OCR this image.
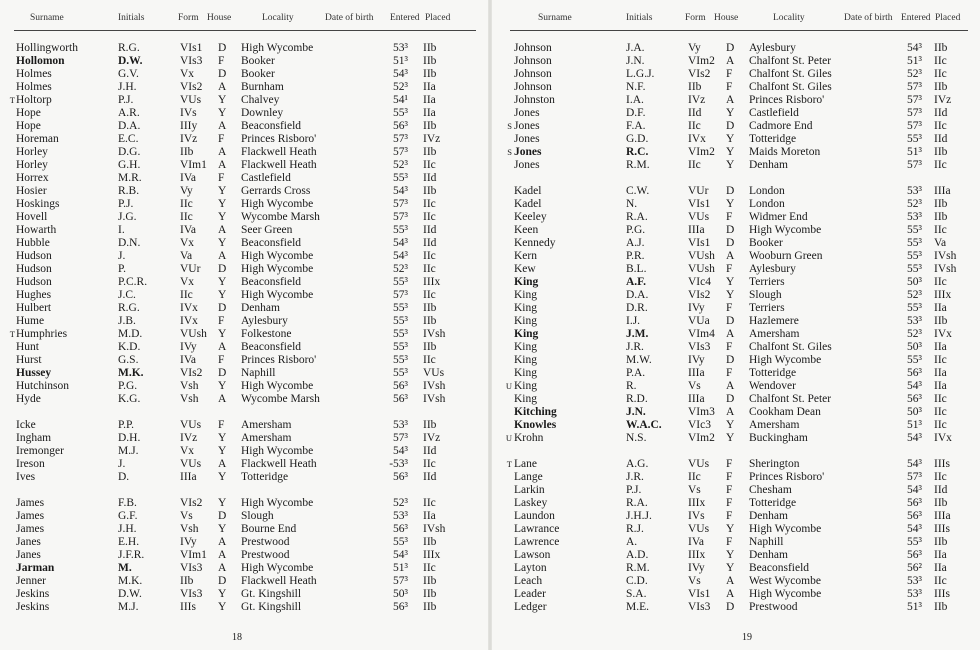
Surname	Initials	Form House	Locality	Date of birth Entered Placed
Hollingworth	R.G.	VIs1 D High Wycombe	53³ IIb
Hollomon	D.W.	VIs3 F Booker	51³ IIb
Holmes	G.V.	Vx D Booker	54³ IIb
Holmes	J.H.	VIs2 A Burnham	52³ IIa
T Holtorp	P.J.	VUs Y Chalvey	54¹ IIa
Hope	A.R.	IVs Y Downley	55³ IIa
Hope	D.A.	IIIy A Beaconsfield	56³ IIb
Horeman	E.C.	IVz F Princes Risboro'	57³ IVz
Horley	D.G.	IIb A Flackwell Heath	57³ IIb
Horley	G.H.	VIm1 A Flackwell Heath	52³ IIc
Horrex	M.R.	IVa F Castlefield	55³ IId
Hosier	R.B.	Vy Y Gerrards Cross	54³ IIb
Hoskings	P.J.	IIc Y High Wycombe	57³ IIc
Hovell	J.G.	IIc Y Wycombe Marsh	57³ IIc
Howarth	I.	IVa A Seer Green	55³ IId
Hubble	D.N.	Vx Y Beaconsfield	54³ IId
Hudson	J.	Va A High Wycombe	54³ IIc
Hudson	P.	VUr D High Wycombe	52³ IIc
Hudson	P.C.R.	Vx Y Beaconsfield	55³ IIIx
Hughes	J.C.	IIc Y High Wycombe	57³ IIc
Hulbert	R.G.	IVx D Denham	55³ IIb
Hume	J.B.	IVx F Aylesbury	55³ IIb
T Humphries	M.D.	VUsh Y Folkestone	55³ IVsh
Hunt	K.D.	IVy A Beaconsfield	55³ IIb
Hurst	G.S.	IVa F Princes Risboro'	55³ IIc
Hussey	M.K.	VIs2 D Naphill	55³ VUs
Hutchinson	P.G.	Vsh Y High Wycombe	56³ IVsh
Hyde	K.G.	Vsh A Wycombe Marsh	56³ IVsh
Icke	P.P.	VUs F Amersham	53³ IIb
Ingham	D.H.	IVz Y Amersham	57³ IVz
Iremonger	M.J.	Vx Y High Wycombe	54³ IId
Ireson	J.	VUs A Flackwell Heath	-53³ IIc
Ives	D.	IIIa Y Totteridge	56³ IId
James	F.B.	VIs2 Y High Wycombe	52³ IIc
James	G.F.	Vs D Slough	53³ IIa
James	J.H.	Vsh Y Bourne End	56³ IVsh
Janes	E.H.	IVy A Prestwood	55³ IIb
Janes	J.F.R.	VIm1 A Prestwood	54³ IIIx
Jarman	M.	VIs3 A High Wycombe	51³ IIc
Jenner	M.K.	IIb D Flackwell Heath	57³ IIb
Jeskins	D.W.	VIs3 Y Gt. Kingshill	50³ IIb
Jeskins	M.J.	IIIs Y Gt. Kingshill	56³ IIb
18
Surname	Initials	Form House	Locality	Date of birth Entered Placed
Johnson	J.A.	Vy D Aylesbury	54³ IIb
Johnson	J.N.	VIm2 A Chalfont St. Peter	51³ IIc
Johnson	L.G.J.	VIs2 F Chalfont St. Giles	52³ IIc
Johnson	N.F.	IIb F Chalfont St. Giles	57³ IIb
Johnston	I.A.	IVz A Princes Risboro'	57³ IVz
Jones	D.F.	IId Y Castlefield	57³ IId
S Jones	F.A.	IIc D Cadmore End	57³ IIc
Jones	G.D.	IVx Y Totteridge	55³ IId
S Jones	R.C.	VIm2 Y Maids Moreton	51³ IIb
Jones	R.M.	IIc Y Denham	57³ IIc
Kadel	C.W.	VUr D London	53³ IIIa
Kadel	N.	VIs1 Y London	52³ IIb
Keeley	R.A.	VUs F Widmer End	53³ IIb
Keen	P.G.	IIIa D High Wycombe	55³ IIc
Kennedy	A.J.	VIs1 D Booker	55³ Va
Kern	P.R.	VUsh A Wooburn Green	55³ IVsh
Kew	B.L.	VUsh F Aylesbury	55³ IVsh
King	A.F.	VIc4 Y Terriers	50³ IIc
King	D.A.	VIs2 Y Slough	52³ IIIx
King	D.R.	IVy F Terriers	55³ IIa
King	I.J.	VUa D Hazlemere	53³ IIb
King	J.M.	VIm4 A Amersham	52³ IVx
King	J.R.	VIs3 F Chalfont St. Giles	50³ IIa
King	M.W.	IVy D High Wycombe	55³ IIc
King	P.A.	IIIa F Totteridge	56³ IIa
U King	R.	Vs A Wendover	54³ IIa
King	R.D.	IIIa D Chalfont St. Peter	56³ IIc
Kitching	J.N.	VIm3 A Cookham Dean	50³ IIc
Knowles	W.A.C. VIc3 Y Amersham	51³ IIc
U Krohn	N.S.	VIm2 Y Buckingham	54³ IVx
T Lane	A.G.	VUs F Sherington	54³ IIIs
Lange	J.R.	IIc F Princes Risboro'	57³ IIc
Larkin	P.J.	Vs F Chesham	54³ IId
Laskey	R.A.	IIIx F Totteridge	56³ IIb
Laundon	J.H.J.	IVs F Denham	56³ IIIa
Lawrance	R.J.	VUs Y High Wycombe	54³ IIIs
Lawrence	A.	IVa F Naphill	55³ IIb
Lawson	A.D.	IIIx Y Denham	56³ IIa
Layton	R.M.	IVy Y Beaconsfield	56² IIa
Leach	C.D.	Vs A West Wycombe	53³ IIc
Leader	S.A.	VIs1 A High Wycombe	53³ IIIs
Ledger	M.E.	VIs3 D Prestwood	51³ IIb
19
